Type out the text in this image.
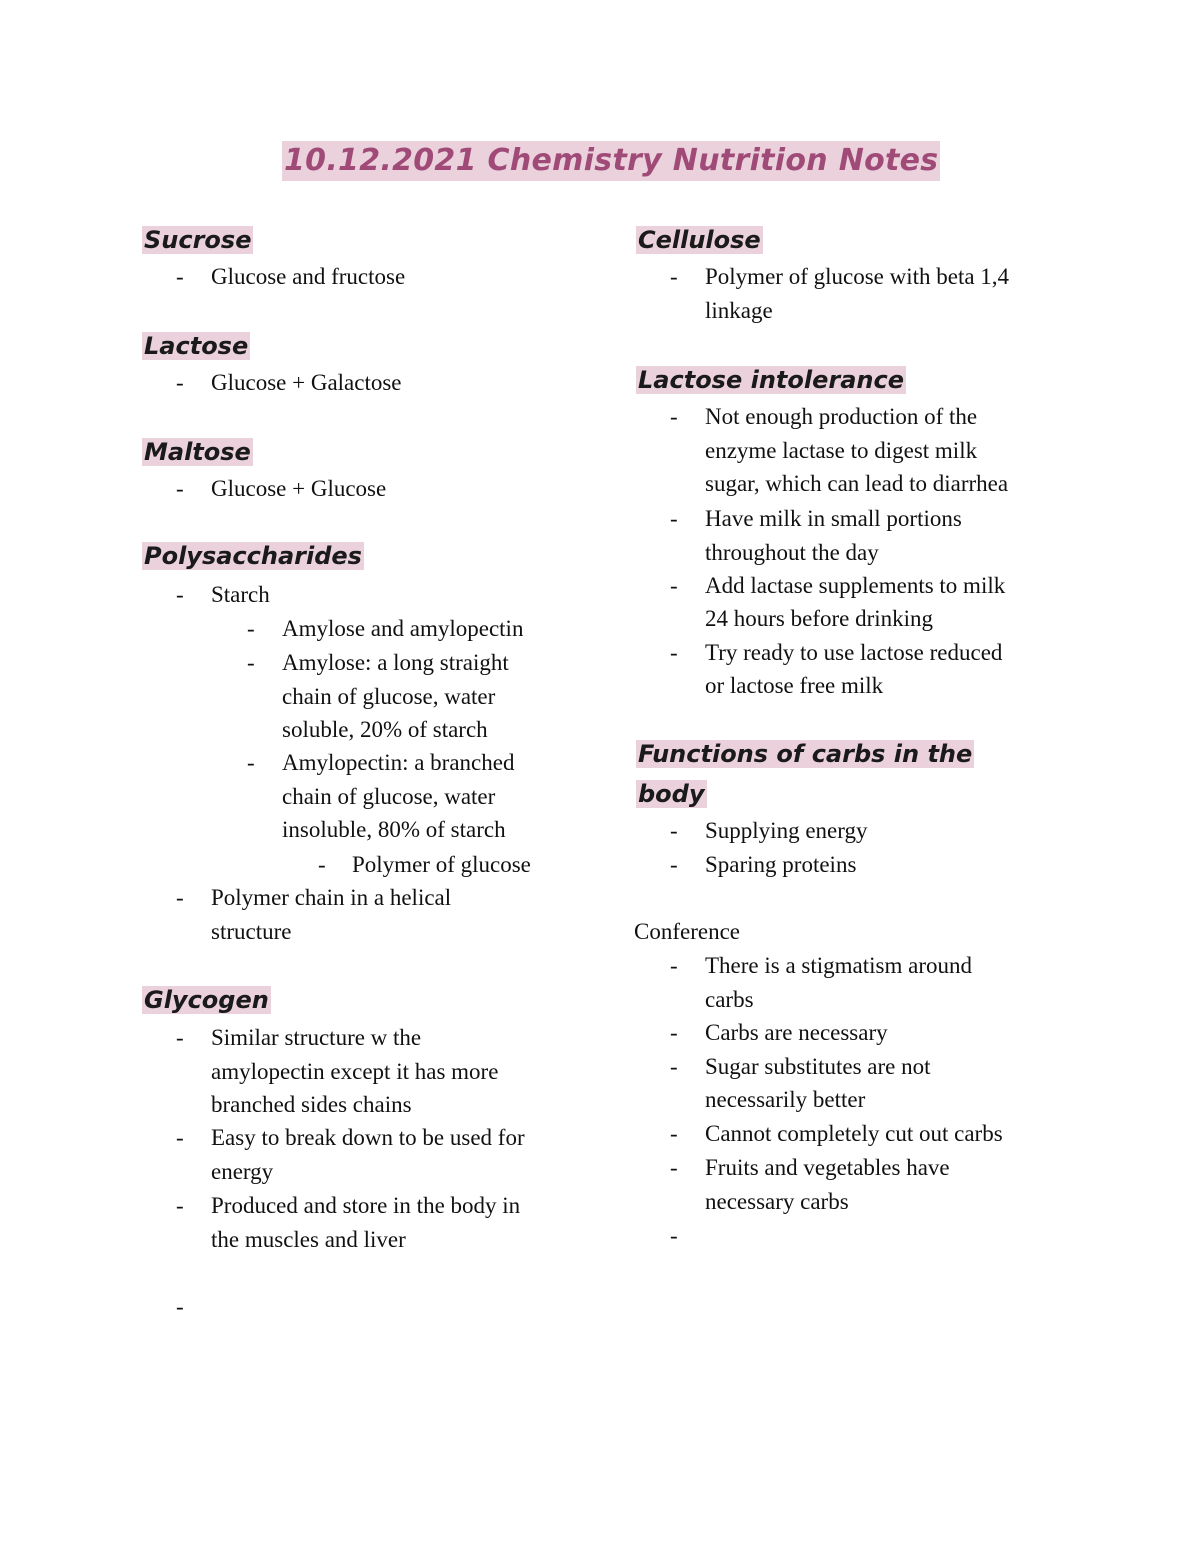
10.12.2021 Chemistry Nutrition Notes
Sucrose
- Glucose and fructose
Lactose
- Glucose + Galactose
Maltose
- Glucose + Glucose
Polysaccharides
- Starch
- Amylose and amylopectin
- Amylose: a long straight
chain of glucose, water
soluble, 20% of starch
- Amylopectin: a branched
chain of glucose, water
insoluble, 80% of starch
- Polymer of glucose
- Polymer chain in a helical
structure
Glycogen
- Similar structure w the
amylopectin except it has more
branched sides chains
- Easy to break down to be used for
energy
- Produced and store in the body in
the muscles and liver
-
Cellulose
- Polymer of glucose with beta 1,4
linkage
Lactose intolerance
- Not enough production of the
enzyme lactase to digest milk
sugar, which can lead to diarrhea
- Have milk in small portions
throughout the day
- Add lactase supplements to milk
24 hours before drinking
- Try ready to use lactose reduced
or lactose free milk
Functions of carbs in the
body
- Supplying energy
- Sparing proteins
Conference
- There is a stigmatism around
carbs
- Carbs are necessary
- Sugar substitutes are not
necessarily better
- Cannot completely cut out carbs
- Fruits and vegetables have
necessary carbs
-
